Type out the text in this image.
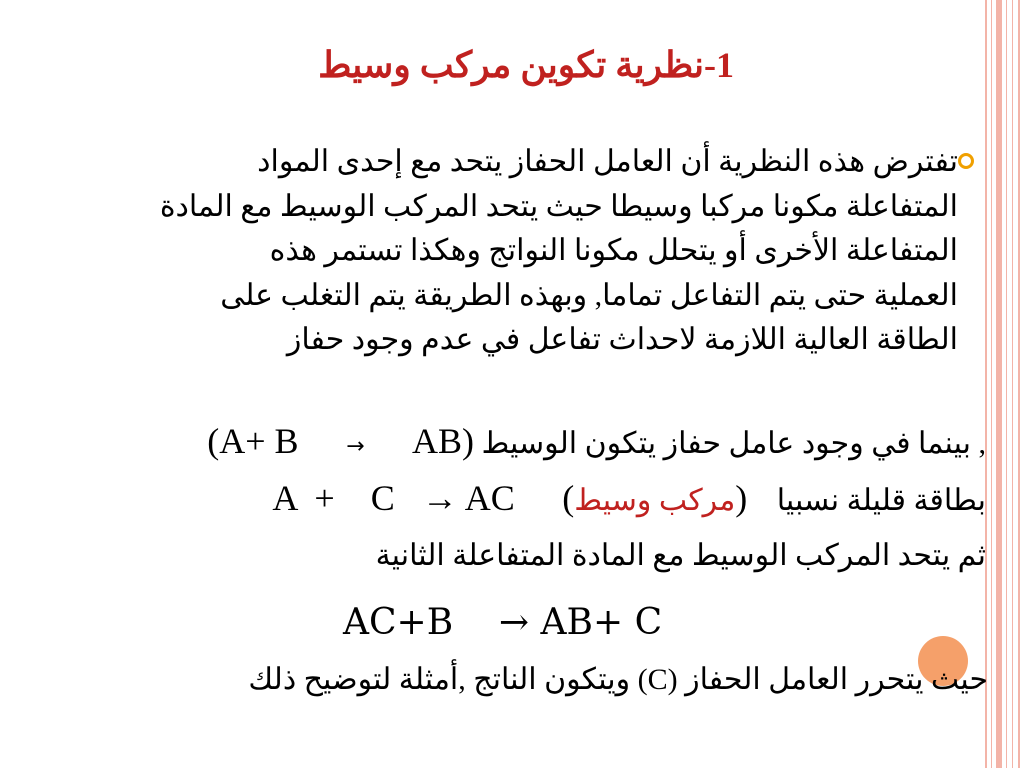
1-نظرية تكوين مركب وسيط
تفترض هذه النظرية أن العامل الحفاز يتحد مع إحدى المواد
المتفاعلة مكونا مركبا وسيطا حيث يتحد المركب الوسيط مع المادة
المتفاعلة الأخرى أو يتحلل مكونا النواتج وهكذا تستمر هذه
العملية حتى يتم التفاعل تماما, وبهذه الطريقة يتم التغلب على
الطاقة العالية اللازمة لاحداث تفاعل في عدم وجود حفاز
(A+ B → AB) , بينما في وجود عامل حفاز يتكون الوسيط
A  +    C   → AC (مركب وسيط) بطاقة قليلة نسبيا
ثم يتحد المركب الوسيط مع المادة المتفاعلة الثانية
AC+B    → AB+ C
حيث يتحرر العامل الحفاز (C) ويتكون الناتج ,أمثلة لتوضيح ذلك
